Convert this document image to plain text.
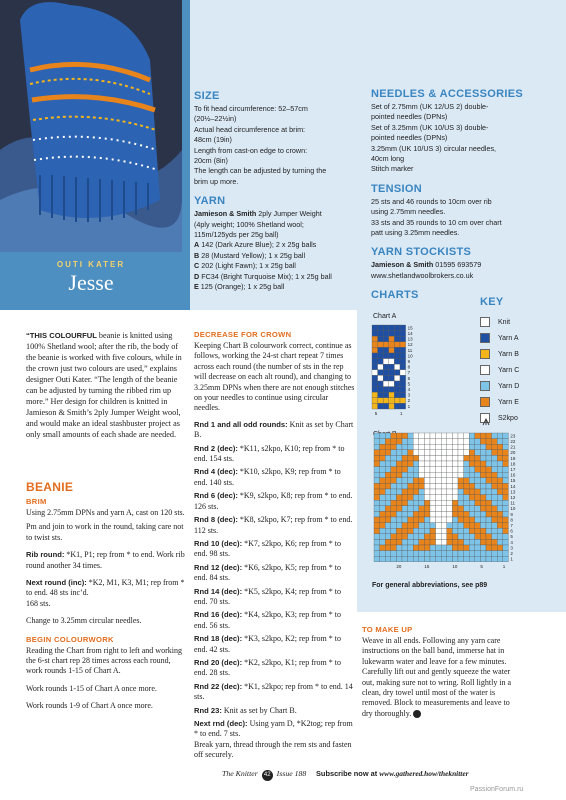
OUTI KATER
Jesse
“THIS COLOURFUL beanie is knitted using 100% Shetland wool; after the rib, the body of the beanie is worked with five colours, while in the crown just two colours are used,” explains designer Outi Kater. “The length of the beanie can be adjusted by turning the ribbed rim up more.” Her design for children is knitted in Jamieson & Smith’s 2ply Jumper Weight wool, and would make an ideal stashbuster project as only small amounts of each shade are needed.
BEANIE
BRIM

Using 2.75mm DPNs and yarn A, cast on 120 sts.

Pm and join to work in the round, taking care not to twist sts.

Rib round: *K1, P1; rep from * to end. Work rib round another 34 times.

Next round (inc): *K2, M1, K3, M1; rep from * to end. 48 sts inc’d.

168 sts.

Change to 3.25mm circular needles.

BEGIN COLOURWORK

Reading the Chart from right to left and working the 6-st chart rep 28 times across each round, work rounds 1-15 of Chart A.

Work rounds 1-15 of Chart A once more.

Work rounds 1-9 of Chart A once more.

SIZE
To fit head circumference: 52–57cm
(20½–22½in)
Actual head circumference at brim:
48cm (19in)
Length from cast-on edge to crown:
20cm (8in)
The length can be adjusted by turning the
brim up more.
YARN
Jamieson & Smith 2ply Jumper Weight
(4ply weight; 100% Shetland wool;
115m/125yds per 25g ball)
A 142 (Dark Azure Blue); 2 x 25g balls
B 28 (Mustard Yellow); 1 x 25g ball
C 202 (Light Fawn); 1 x 25g ball
D FC34 (Bright Turquoise Mix); 1 x 25g ball
E 125 (Orange); 1 x 25g ball
DECREASE FOR CROWN

Keeping Chart B colourwork correct, continue as follows, working the 24-st chart repeat 7 times across each round (the number of sts in the rep will decrease on each alt round), and changing to 3.25mm DPNs when there are not enough stitches on your needles to continue using circular needles.

Rnd 1 and all odd rounds: Knit as set by Chart B.

Rnd 2 (dec): *K11, s2kpo, K10; rep from * to end. 154 sts.

Rnd 4 (dec): *K10, s2kpo, K9; rep from * to end. 140 sts.

Rnd 6 (dec): *K9, s2kpo, K8; rep from * to end. 126 sts.

Rnd 8 (dec): *K8, s2kpo, K7; rep from * to end. 112 sts.

Rnd 10 (dec): *K7, s2kpo, K6; rep from * to end. 98 sts.

Rnd 12 (dec): *K6, s2kpo, K5; rep from * to end. 84 sts.

Rnd 14 (dec): *K5, s2kpo, K4; rep from * to end. 70 sts.

Rnd 16 (dec): *K4, s2kpo, K3; rep from * to end. 56 sts.

Rnd 18 (dec): *K3, s2kpo, K2; rep from * to end. 42 sts.

Rnd 20 (dec): *K2, s2kpo, K1; rep from * to end. 28 sts.

Rnd 22 (dec): *K1, s2kpo; rep from * to end. 14 sts.

Rnd 23: Knit as set by Chart B.

Next rnd (dec): Using yarn D, *K2tog; rep from * to end. 7 sts.

Break yarn, thread through the rem sts and fasten off securely.

NEEDLES & ACCESSORIES
Set of 2.75mm (UK 12/US 2) double-
pointed needles (DPNs)
Set of 3.25mm (UK 10/US 3) double-
pointed needles (DPNs)
3.25mm (UK 10/US 3) circular needles,
40cm long
Stitch marker
TENSION
25 sts and 46 rounds to 10cm over rib
using 2.75mm needles.
33 sts and 35 rounds to 10 cm over chart
patt using 3.25mm needles.
YARN STOCKISTS
Jamieson & Smith 01595 693579
www.shetlandwoolbrokers.co.uk
CHARTS
KEY
Knit
Yarn A
Yarn B
Yarn C
Yarn D
Yarn E
S2kpo
Chart A
15
14
13
12
11
10
9
8
7
6
5
4
3
2
1
5	1
23
22
21
20
19
18
17
16
15
14
13
12
11
10
9
8
7
6
5
4
3
2
1
20	15	10	5	1
For general abbreviations, see p89
TO MAKE UP

Weave in all ends. Following any yarn care instructions on the ball band, immerse hat in lukewarm water and leave for a few minutes. Carefully lift out and gently squeeze the water out, making sure not to wring. Roll lightly in a clean, dry towel until most of the water is removed. Block to measurements and leave to dry thoroughly.

The Knitter 42 Issue 188 Subscribe now at www.gathered.how/theknitter
PassionForum.ru
